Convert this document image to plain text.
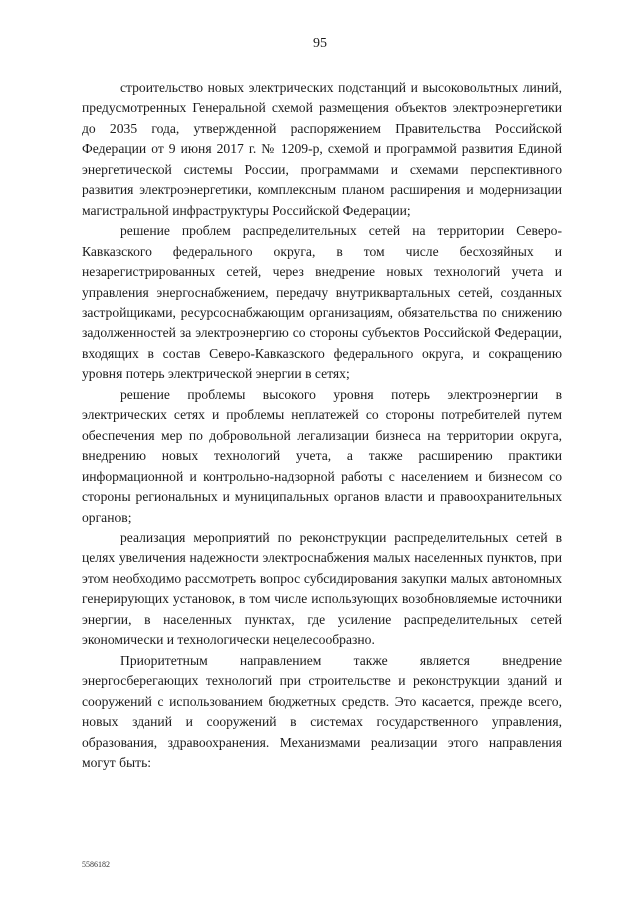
95

строительство новых электрических подстанций и высоковольтных линий, предусмотренных Генеральной схемой размещения объектов электроэнергетики до 2035 года, утвержденной распоряжением Правительства Российской Федерации от 9 июня 2017 г. № 1209-р, схемой и программой развития Единой энергетической системы России, программами и схемами перспективного развития электроэнергетики, комплексным планом расширения и модернизации магистральной инфраструктуры Российской Федерации;

решение проблем распределительных сетей на территории Северо-Кавказского федерального округа, в том числе бесхозяйных и незарегистрированных сетей, через внедрение новых технологий учета и управления энергоснабжением, передачу внутриквартальных сетей, созданных застройщиками, ресурсоснабжающим организациям, обязательства по снижению задолженностей за электроэнергию со стороны субъектов Российской Федерации, входящих в состав Северо-Кавказского федерального округа, и сокращению уровня потерь электрической энергии в сетях;

решение проблемы высокого уровня потерь электроэнергии в электрических сетях и проблемы неплатежей со стороны потребителей путем обеспечения мер по добровольной легализации бизнеса на территории округа, внедрению новых технологий учета, а также расширению практики информационной и контрольно-надзорной работы с населением и бизнесом со стороны региональных и муниципальных органов власти и правоохранительных органов;

реализация мероприятий по реконструкции распределительных сетей в целях увеличения надежности электроснабжения малых населенных пунктов, при этом необходимо рассмотреть вопрос субсидирования закупки малых автономных генерирующих установок, в том числе использующих возобновляемые источники энергии, в населенных пунктах, где усиление распределительных сетей экономически и технологически нецелесообразно.

Приоритетным направлением также является внедрение энергосберегающих технологий при строительстве и реконструкции зданий и сооружений с использованием бюджетных средств. Это касается, прежде всего, новых зданий и сооружений в системах государственного управления, образования, здравоохранения. Механизмами реализации этого направления могут быть:

5586182
